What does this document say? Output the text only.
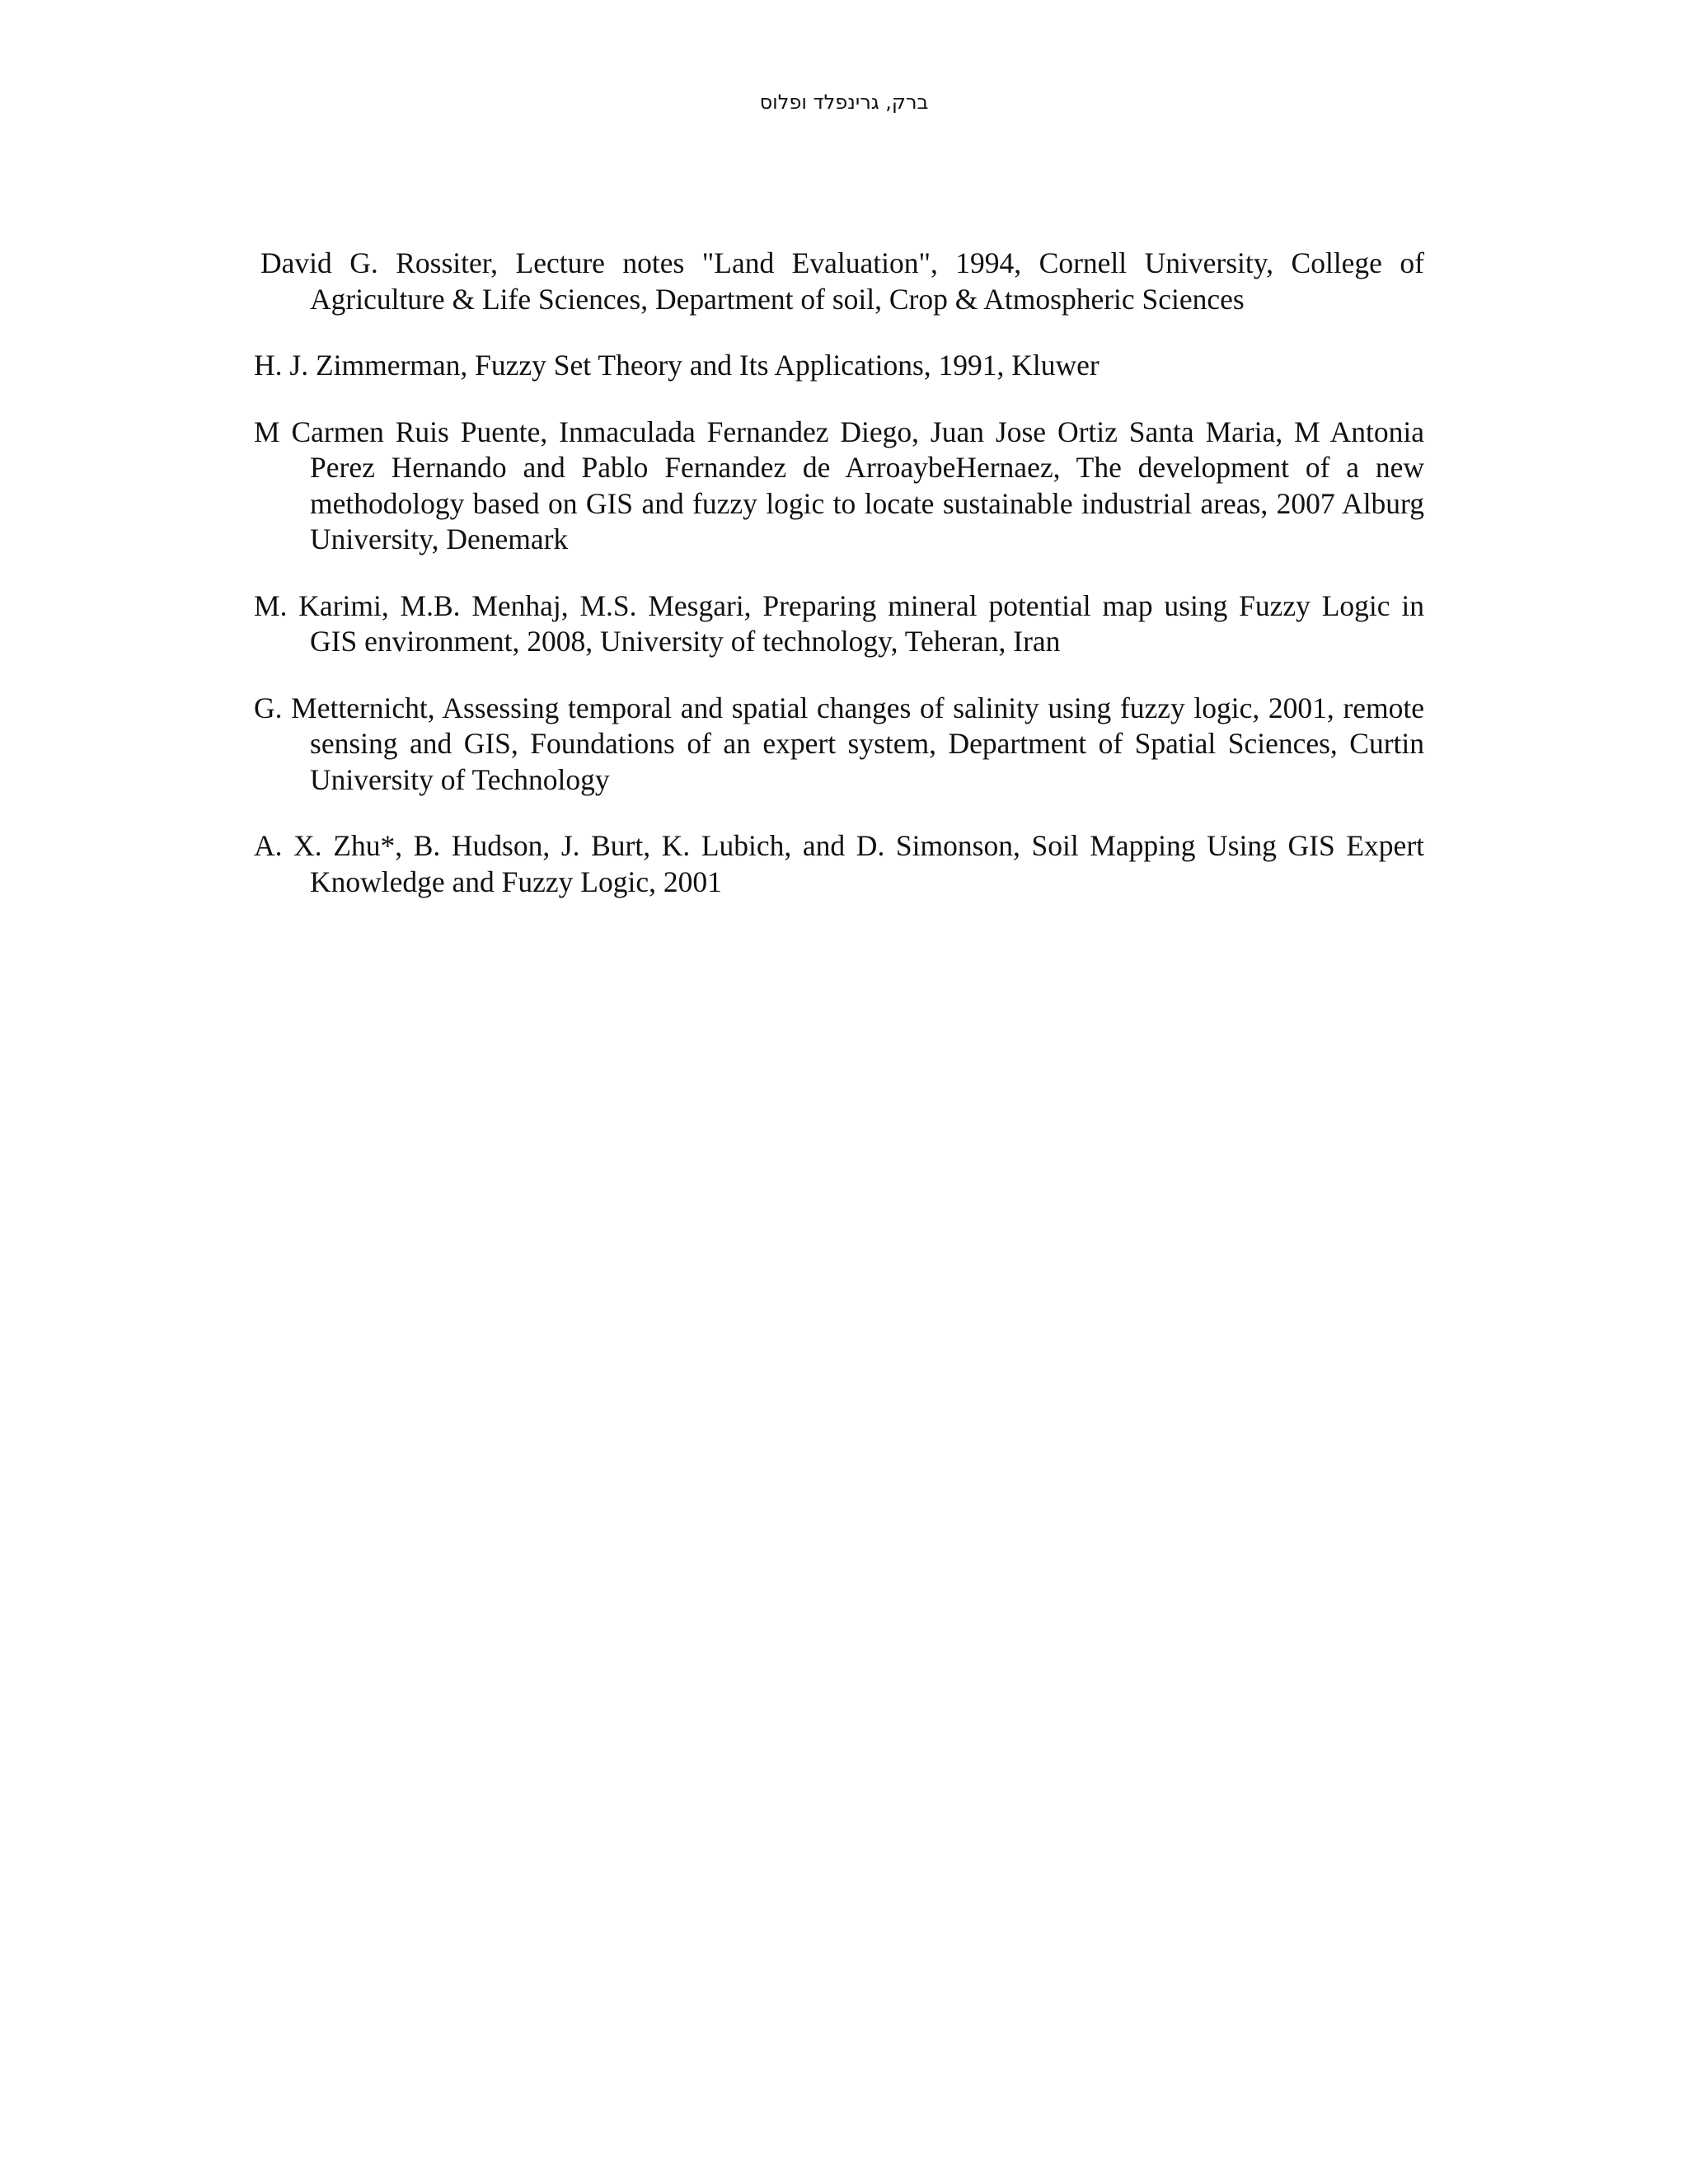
ברק, גרינפלד ופלוס
David G. Rossiter, Lecture notes "Land Evaluation", 1994, Cornell University, College of Agriculture & Life Sciences, Department of soil, Crop & Atmospheric Sciences
H. J. Zimmerman, Fuzzy Set Theory and Its Applications, 1991, Kluwer
M Carmen Ruis Puente, Inmaculada Fernandez Diego, Juan Jose Ortiz Santa Maria, M Antonia Perez Hernando and Pablo Fernandez de ArroaybeHernaez, The development of a new methodology based on GIS and fuzzy logic to locate sustainable industrial areas, 2007 Alburg University, Denemark
M. Karimi, M.B. Menhaj, M.S. Mesgari, Preparing mineral potential map using Fuzzy Logic in GIS environment, 2008, University of technology, Teheran, Iran
G. Metternicht, Assessing temporal and spatial changes of salinity using fuzzy logic, 2001, remote sensing and GIS, Foundations of an expert system, Department of Spatial Sciences, Curtin University of Technology
A. X. Zhu*, B. Hudson, J. Burt, K. Lubich, and D. Simonson, Soil Mapping Using GIS Expert Knowledge and Fuzzy Logic, 2001
